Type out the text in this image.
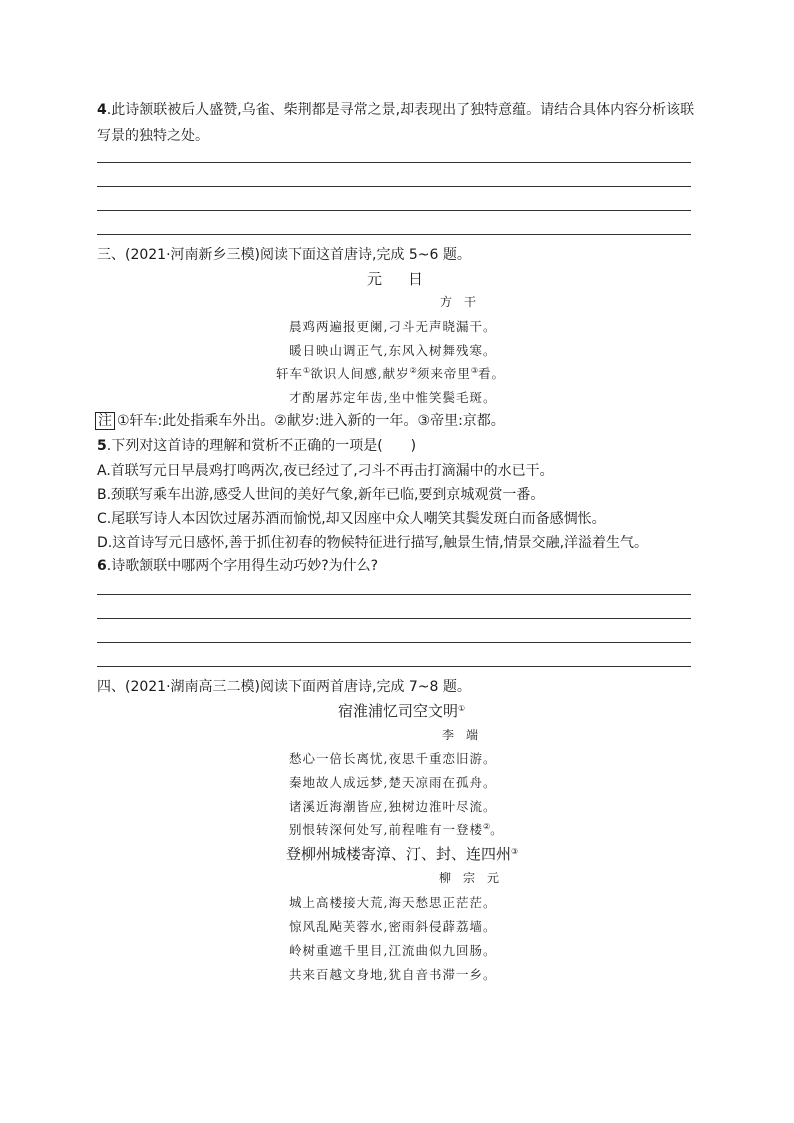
4.此诗颔联被后人盛赞,乌雀、柴荆都是寻常之景,却表现出了独特意蕴。请结合具体内容分析该联
写景的独特之处。
三、(2021·河南新乡三模)阅读下面这首唐诗,完成 5~6 题。
元日
方干
晨鸡两遍报更阑,刁斗无声晓漏干。
暖日映山调正气,东风入树舞残寒。
轩车①欲识人间感,献岁②须来帝里③看。
才酌屠苏定年齿,坐中惟笑鬓毛斑。
注 ①轩车:此处指乘车外出。②献岁:进入新的一年。③帝里:京都。
5.下列对这首诗的理解和赏析不正确的一项是(　　)
A.首联写元日早晨鸡打鸣两次,夜已经过了,刁斗不再击打滴漏中的水已干。
B.颈联写乘车出游,感受人世间的美好气象,新年已临,要到京城观赏一番。
C.尾联写诗人本因饮过屠苏酒而愉悦,却又因座中众人嘲笑其鬓发斑白而备感惆怅。
D.这首诗写元日感怀,善于抓住初春的物候特征进行描写,触景生情,情景交融,洋溢着生气。
6.诗歌颔联中哪两个字用得生动巧妙?为什么?
四、(2021·湖南高三二模)阅读下面两首唐诗,完成 7~8 题。
宿淮浦忆司空文明①
李端
愁心一倍长离忧,夜思千重恋旧游。
秦地故人成远梦,楚天凉雨在孤舟。
诸溪近海潮皆应,独树边淮叶尽流。
别恨转深何处写,前程唯有一登楼②。
登柳州城楼寄漳、汀、封、连四州③
柳宗元
城上高楼接大荒,海天愁思正茫茫。
惊风乱飐芙蓉水,密雨斜侵薜荔墙。
岭树重遮千里目,江流曲似九回肠。
共来百越文身地,犹自音书滞一乡。
